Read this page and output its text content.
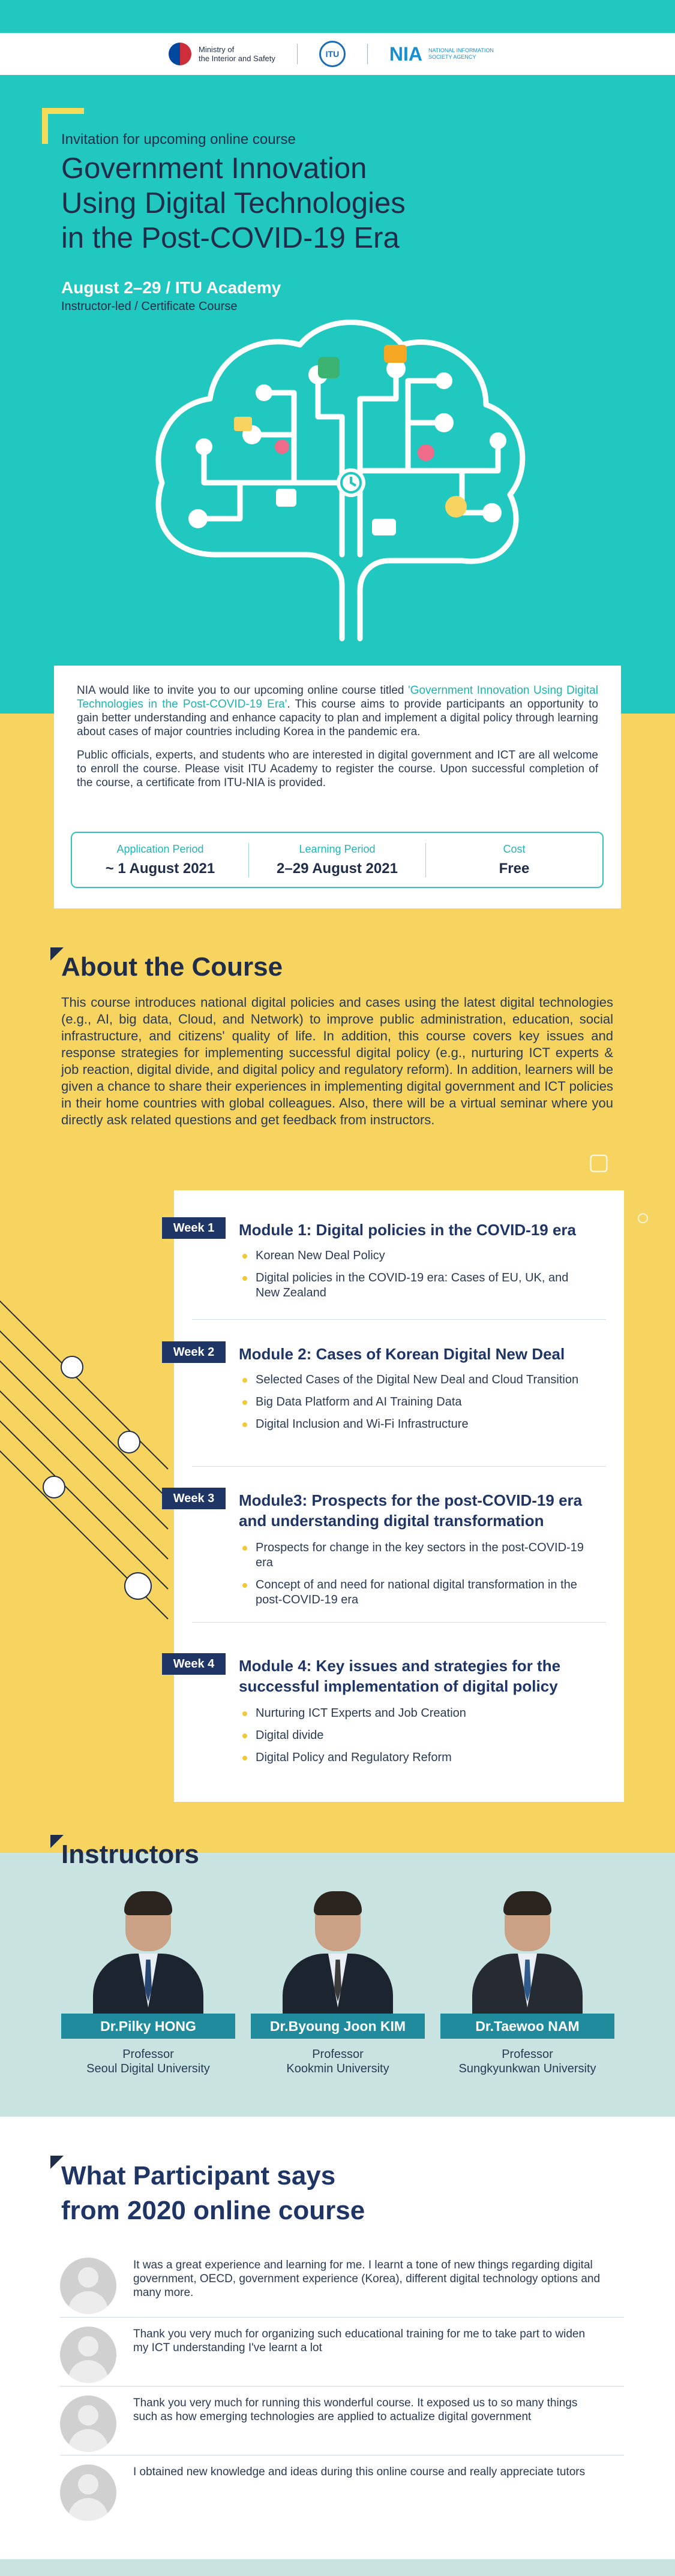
Ministry of
the Interior and Safety	ITU	NIA NATIONAL INFORMATION SOCIETY AGENCY
Invitation for upcoming online course
Government Innovation
Using Digital Technologies
in the Post-COVID-19 Era
August 2–29 / ITU Academy
Instructor-led / Certificate Course

NIA would like to invite you to our upcoming online course titled 'Government Innovation Using Digital Technologies in the Post-COVID-19 Era'. This course aims to provide participants an opportunity to gain better understanding and enhance capacity to plan and implement a digital policy through learning about cases of major countries including Korea in the pandemic era.

Public officials, experts, and students who are interested in digital government and ICT are all welcome to enroll the course. Please visit ITU Academy to register the course. Upon successful completion of the course, a certificate from ITU-NIA is provided.

Application Period
~ 1 August 2021
Learning Period
2–29 August 2021
Cost
Free
About the Course

This course introduces national digital policies and cases using the latest digital technologies (e.g., AI, big data, Cloud, and Network) to improve public administration, education, social infrastructure, and citizens' quality of life. In addition, this course covers key issues and response strategies for implementing successful digital policy (e.g., nurturing ICT experts & job reaction, digital divide, and digital policy and regulatory reform). In addition, learners will be given a chance to share their experiences in implementing digital government and ICT policies in their home countries with global colleagues. Also, there will be a virtual seminar where you directly ask related questions and get feedback from instructors.

▢
○
Week 1	Module 1: Digital policies in the COVID-19 era
Korean New Deal Policy
Digital policies in the COVID-19 era: Cases of EU, UK, and New Zealand
Week 2	Module 2: Cases of Korean Digital New Deal
Selected Cases of the Digital New Deal and Cloud Transition
Big Data Platform and AI Training Data
Digital Inclusion and Wi-Fi Infrastructure
Week 3	Module3: Prospects for the post-COVID-19 era and understanding digital transformation
Prospects for change in the key sectors in the post-COVID-19 era
Concept of and need for national digital transformation in the post-COVID-19 era
Week 4	Module 4: Key issues and strategies for the successful implementation of digital policy
Nurturing ICT Experts and Job Creation
Digital divide
Digital Policy and Regulatory Reform
Instructors
Dr.Pilky HONG
Professor
Seoul Digital University
Dr.Byoung Joon KIM
Professor
Kookmin University
Dr.Taewoo NAM
Professor
Sungkyunkwan University
What Participant says
from 2020 online course
It was a great experience and learning for me. I learnt a tone of new things regarding digital government, OECD, government experience (Korea), different digital technology options and many more.
Thank you very much for organizing such educational training for me to take part to widen my ICT understanding I've learnt a lot
Thank you very much for running this wonderful course. It exposed us to so many things such as how emerging technologies are applied to actualize digital government
I obtained new knowledge and ideas during this online course and really appreciate tutors
